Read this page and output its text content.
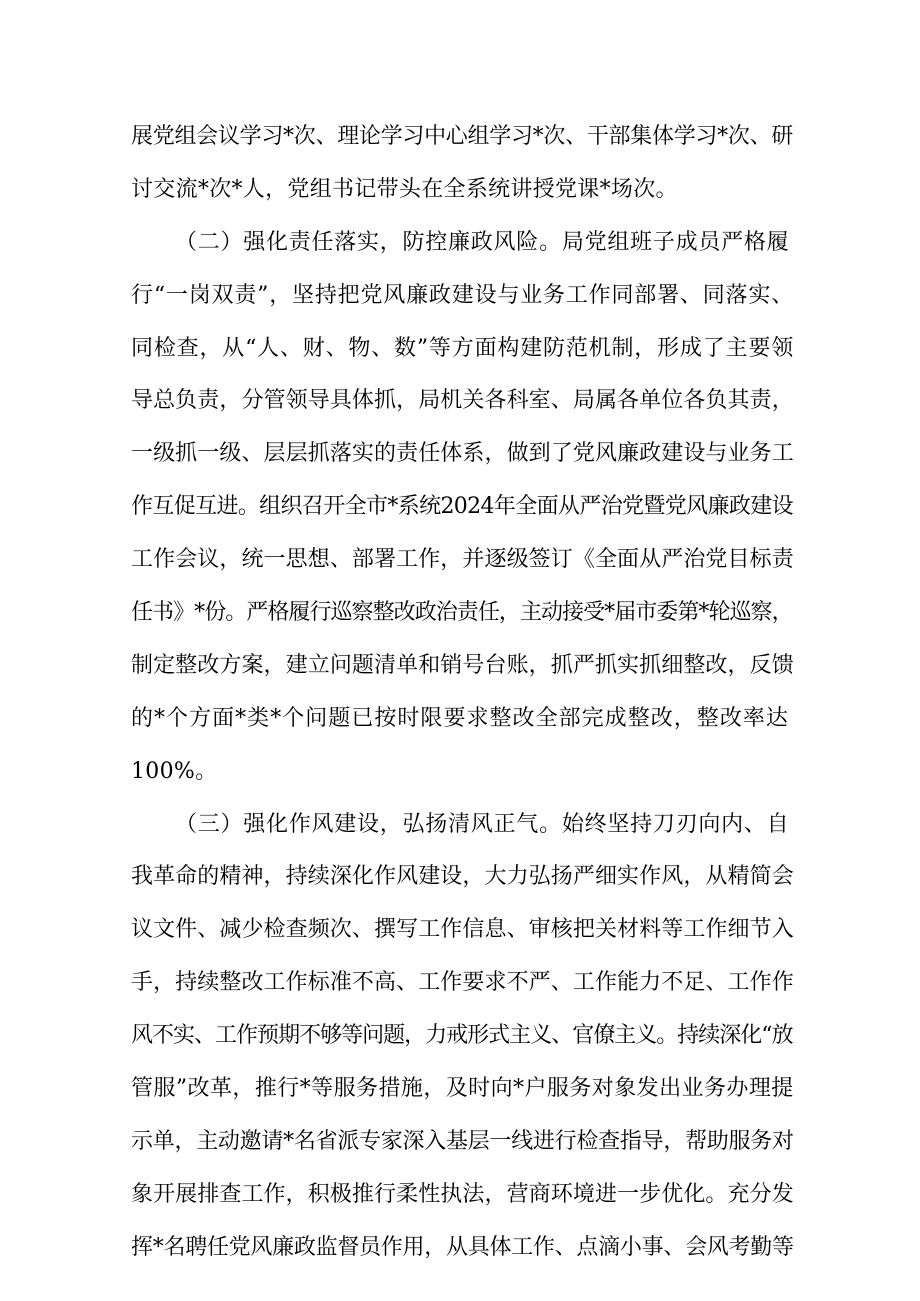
展党组会议学习*次、理论学习中心组学习*次、干部集体学习*次、研
讨交流*次*人，党组书记带头在全系统讲授党课*场次。
（二）强化责任落实，防控廉政风险。局党组班子成员严格履
行“一岗双责”，坚持把党风廉政建设与业务工作同部署、同落实、
同检查，从“人、财、物、数”等方面构建防范机制，形成了主要领
导总负责，分管领导具体抓，局机关各科室、局属各单位各负其责，
一级抓一级、层层抓落实的责任体系，做到了党风廉政建设与业务工
作互促互进。组织召开全市*系统2024年全面从严治党暨党风廉政建设
工作会议，统一思想、部署工作，并逐级签订《全面从严治党目标责
任书》*份。严格履行巡察整改政治责任，主动接受*届市委第*轮巡察，
制定整改方案，建立问题清单和销号台账，抓严抓实抓细整改，反馈
的*个方面*类*个问题已按时限要求整改全部完成整改，整改率达
100%。
（三）强化作风建设，弘扬清风正气。始终坚持刀刃向内、自
我革命的精神，持续深化作风建设，大力弘扬严细实作风，从精简会
议文件、减少检查频次、撰写工作信息、审核把关材料等工作细节入
手，持续整改工作标准不高、工作要求不严、工作能力不足、工作作
风不实、工作预期不够等问题，力戒形式主义、官僚主义。持续深化“放
管服”改革，推行*等服务措施，及时向*户服务对象发出业务办理提
示单，主动邀请*名省派专家深入基层一线进行检查指导，帮助服务对
象开展排查工作，积极推行柔性执法，营商环境进一步优化。充分发
挥*名聘任党风廉政监督员作用，从具体工作、点滴小事、会风考勤等
